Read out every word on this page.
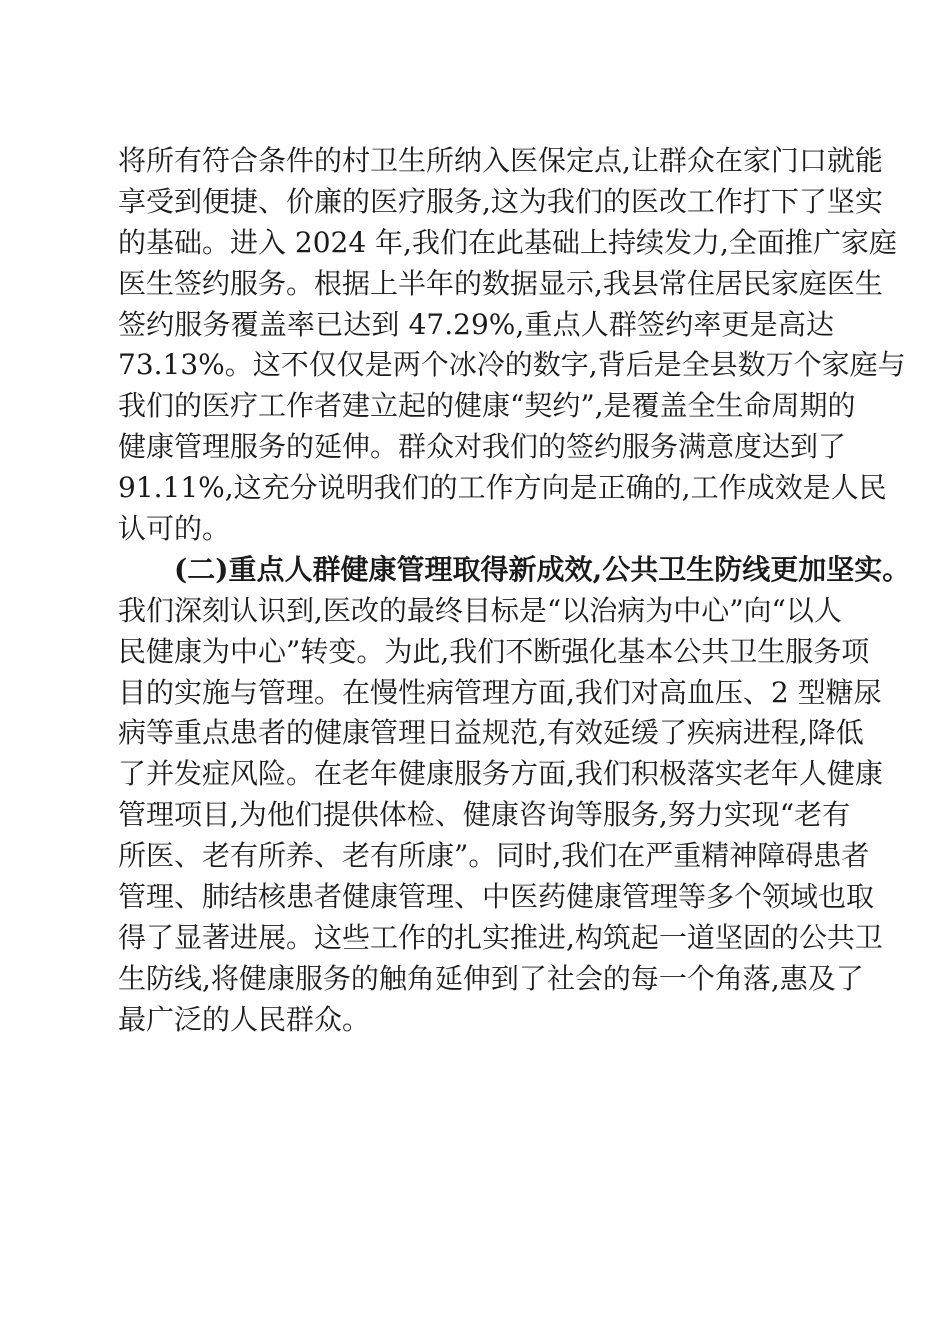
将所有符合条件的村卫生所纳入医保定点,让群众在家门口就能
享受到便捷、价廉的医疗服务,这为我们的医改工作打下了坚实
的基础。进入 2024 年,我们在此基础上持续发力,全面推广家庭
医生签约服务。根据上半年的数据显示,我县常住居民家庭医生
签约服务覆盖率已达到 47.29%,重点人群签约率更是高达
73.13%。这不仅仅是两个冰冷的数字,背后是全县数万个家庭与
我们的医疗工作者建立起的健康“契约”,是覆盖全生命周期的
健康管理服务的延伸。群众对我们的签约服务满意度达到了
91.11%,这充分说明我们的工作方向是正确的,工作成效是人民
认可的。
(二)重点人群健康管理取得新成效,公共卫生防线更加坚实。
我们深刻认识到,医改的最终目标是“以治病为中心”向“以人
民健康为中心”转变。为此,我们不断强化基本公共卫生服务项
目的实施与管理。在慢性病管理方面,我们对高血压、2 型糖尿
病等重点患者的健康管理日益规范,有效延缓了疾病进程,降低
了并发症风险。在老年健康服务方面,我们积极落实老年人健康
管理项目,为他们提供体检、健康咨询等服务,努力实现“老有
所医、老有所养、老有所康”。同时,我们在严重精神障碍患者
管理、肺结核患者健康管理、中医药健康管理等多个领域也取
得了显著进展。这些工作的扎实推进,构筑起一道坚固的公共卫
生防线,将健康服务的触角延伸到了社会的每一个角落,惠及了
最广泛的人民群众。
